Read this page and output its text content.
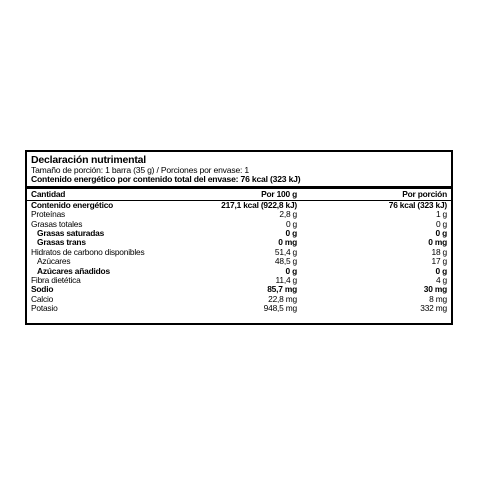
Declaración nutrimental
Tamaño de porción: 1 barra (35 g) / Porciones por envase: 1
Contenido energético por contenido total del envase: 76 kcal (323 kJ)
Cantidad	Por 100 g	Por porción
Contenido energético	217,1 kcal (922,8 kJ)	76 kcal (323 kJ)
Proteínas	2,8 g	1 g
Grasas totales	0 g	0 g
Grasas saturadas	0 g	0 g
Grasas trans	0 mg	0 mg
Hidratos de carbono disponibles	51,4 g	18 g
Azúcares	48,5 g	17 g
Azúcares añadidos	0 g	0 g
Fibra dietética	11,4 g	4 g
Sodio	85,7 mg	30 mg
Calcio	22,8 mg	8 mg
Potasio	948,5 mg	332 mg
